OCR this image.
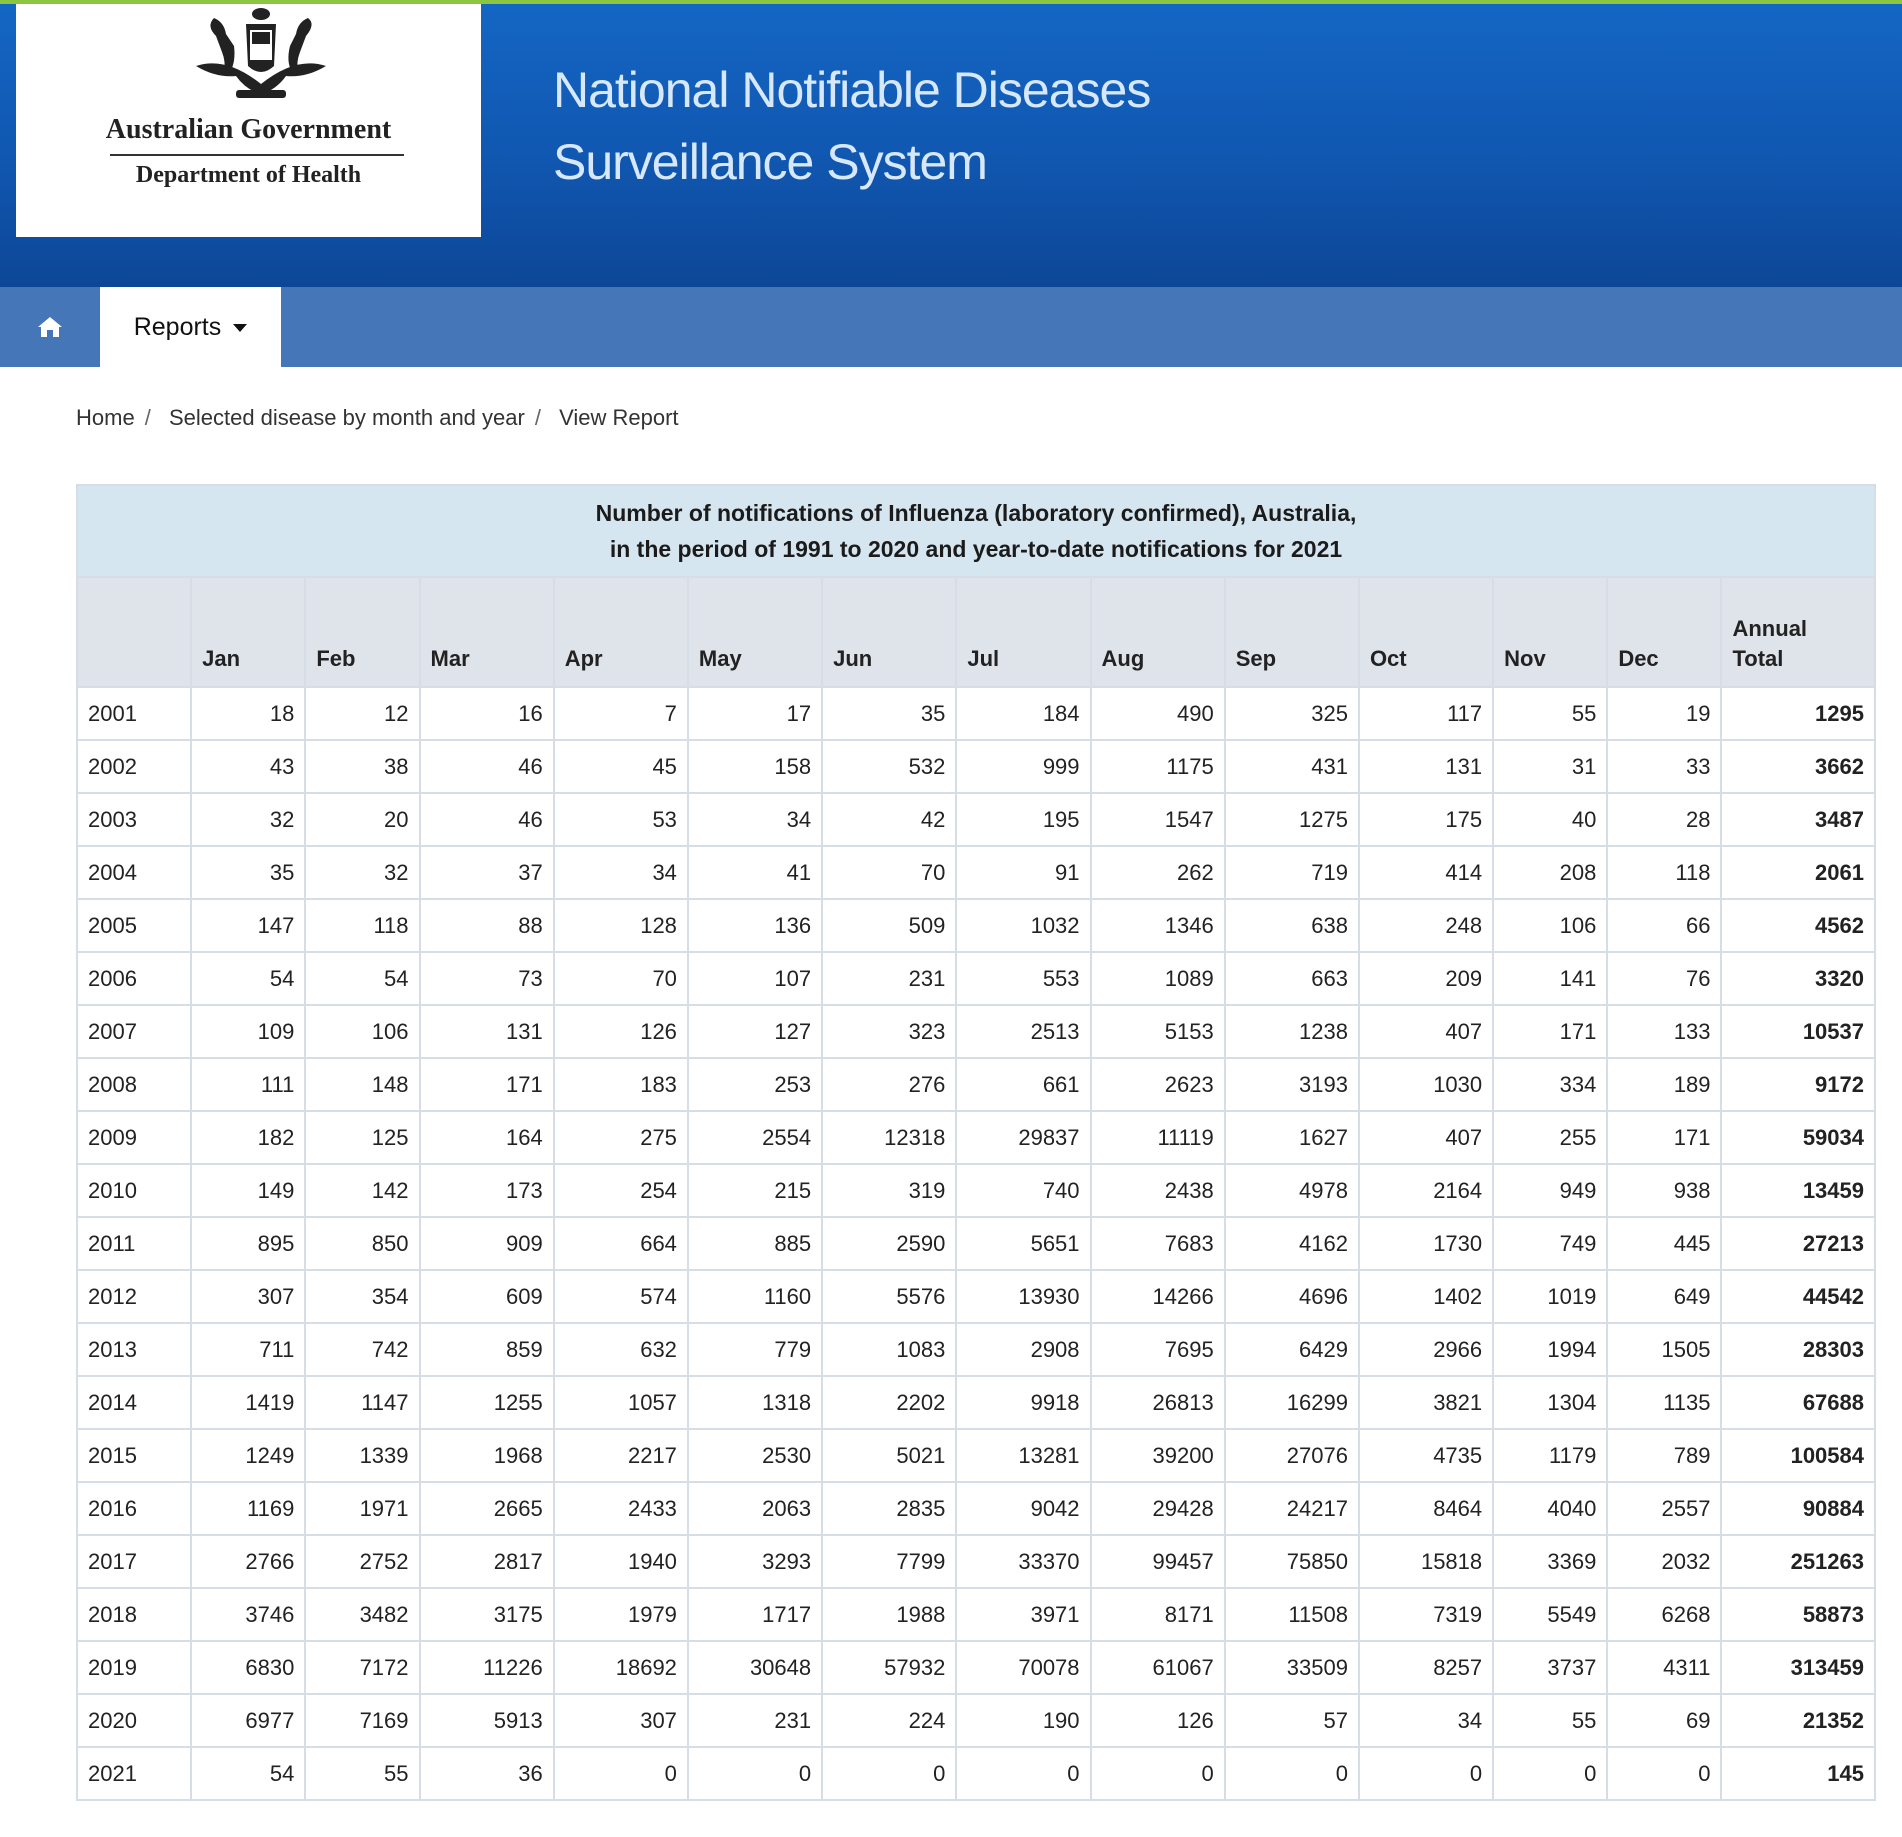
Australian Government
Department of Health
National Notifiable Diseases
Surveillance System
Reports
Home / Selected disease by month and year / View Report
Number of notifications of Influenza (laboratory confirmed), Australia,
in the period of 1991 to 2020 and year-to-date notifications for 2021													

	Jan	Feb	Mar	Apr	May	Jun	Jul	Aug	Sep	Oct	Nov	Dec	Annual
Total
2001	18	12	16	7	17	35	184	490	325	117	55	19	1295
2002	43	38	46	45	158	532	999	1175	431	131	31	33	3662
2003	32	20	46	53	34	42	195	1547	1275	175	40	28	3487
2004	35	32	37	34	41	70	91	262	719	414	208	118	2061
2005	147	118	88	128	136	509	1032	1346	638	248	106	66	4562
2006	54	54	73	70	107	231	553	1089	663	209	141	76	3320
2007	109	106	131	126	127	323	2513	5153	1238	407	171	133	10537
2008	111	148	171	183	253	276	661	2623	3193	1030	334	189	9172
2009	182	125	164	275	2554	12318	29837	11119	1627	407	255	171	59034
2010	149	142	173	254	215	319	740	2438	4978	2164	949	938	13459
2011	895	850	909	664	885	2590	5651	7683	4162	1730	749	445	27213
2012	307	354	609	574	1160	5576	13930	14266	4696	1402	1019	649	44542
2013	711	742	859	632	779	1083	2908	7695	6429	2966	1994	1505	28303
2014	1419	1147	1255	1057	1318	2202	9918	26813	16299	3821	1304	1135	67688
2015	1249	1339	1968	2217	2530	5021	13281	39200	27076	4735	1179	789	100584
2016	1169	1971	2665	2433	2063	2835	9042	29428	24217	8464	4040	2557	90884
2017	2766	2752	2817	1940	3293	7799	33370	99457	75850	15818	3369	2032	251263
2018	3746	3482	3175	1979	1717	1988	3971	8171	11508	7319	5549	6268	58873
2019	6830	7172	11226	18692	30648	57932	70078	61067	33509	8257	3737	4311	313459
2020	6977	7169	5913	307	231	224	190	126	57	34	55	69	21352
2021	54	55	36	0	0	0	0	0	0	0	0	0	145
